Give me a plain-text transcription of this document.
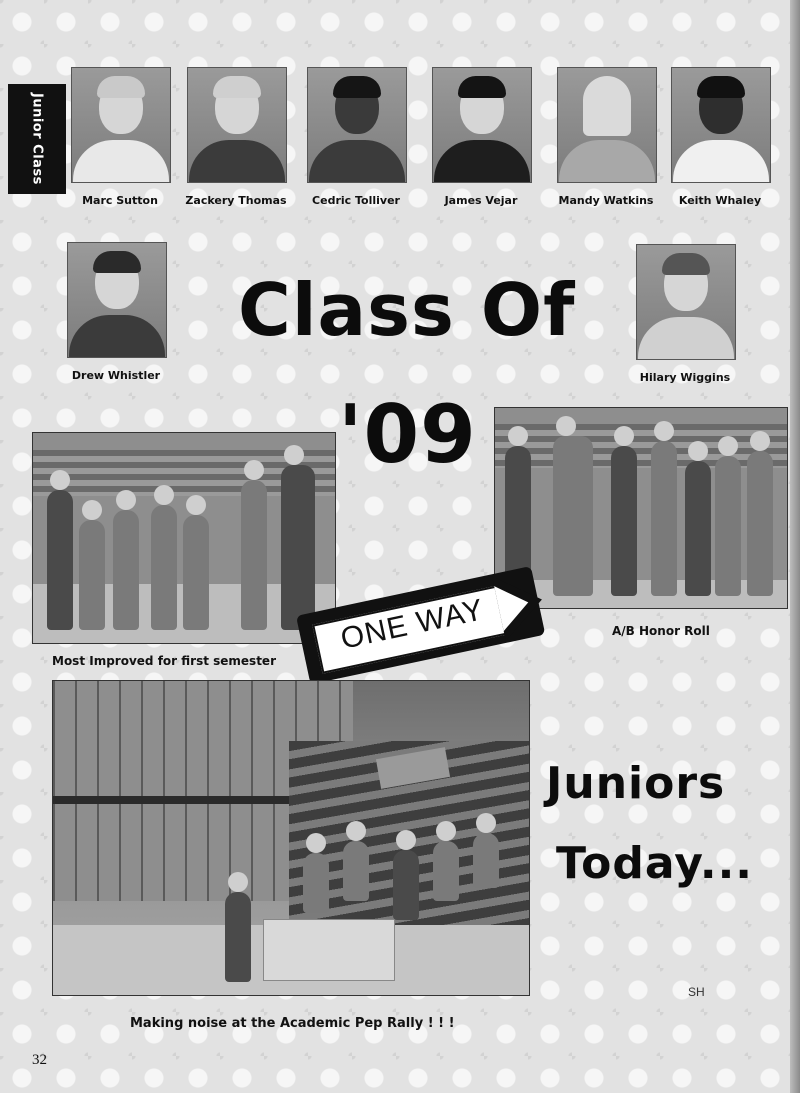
Junior Class
Marc Sutton	Zackery Thomas	Cedric Tolliver	James Vejar	Mandy Watkins	Keith Whaley
Drew Whistler	Hilary Wiggins
Class Of
'09
Most Improved for first semester
A/B Honor Roll
ONE WAY
Juniors
Today...
SH
Making noise at the Academic Pep Rally ! ! !
32
